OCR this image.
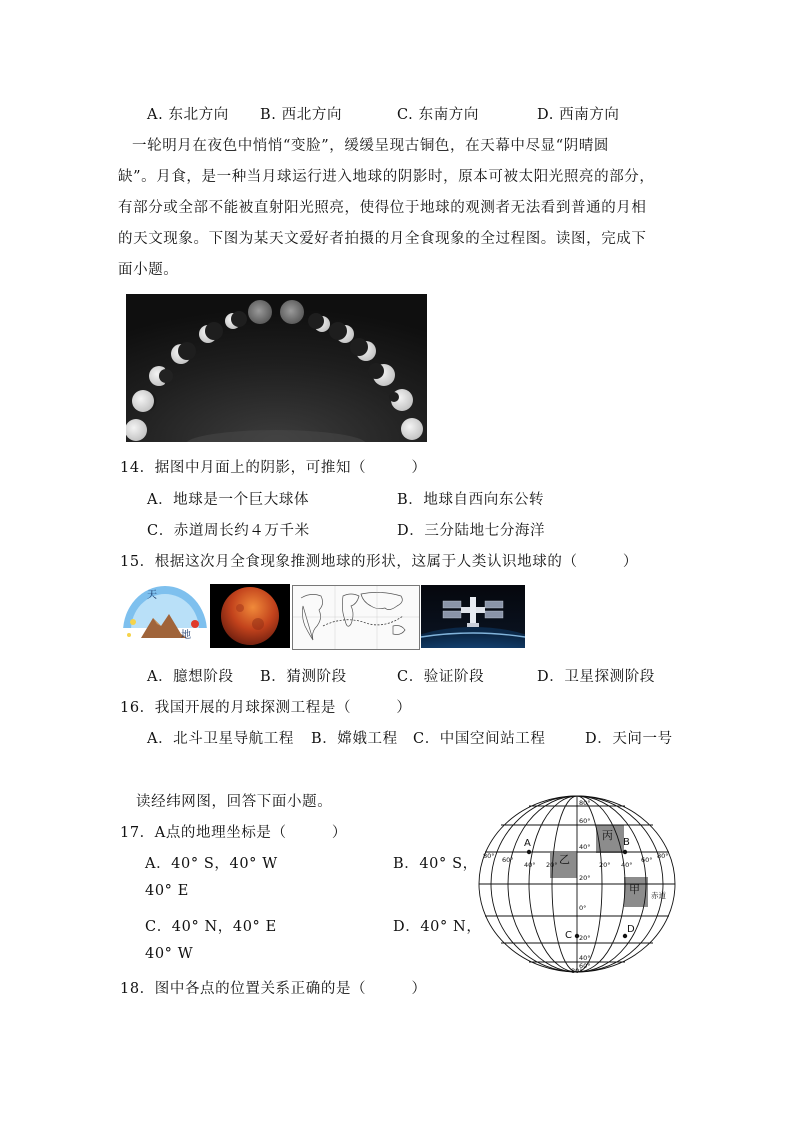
A. 东北方向 B. 西北方向	C. 东南方向	D. 西南方向
一轮明月在夜色中悄悄“变脸”，缓缓呈现古铜色，在天幕中尽显“阴晴圆
缺”。月食，是一种当月球运行进入地球的阴影时，原本可被太阳光照亮的部分，
有部分或全部不能被直射阳光照亮，使得位于地球的观测者无法看到普通的月相
的天文现象。下图为某天文爱好者拍摄的月全食现象的全过程图。读图，完成下
面小题。
14．据图中月面上的阴影，可推知（　　　）
A．地球是一个巨大球体	B．地球自西向东公转
C．赤道周长约４万千米	D．三分陆地七分海洋
15．根据这次月全食现象推测地球的形状，这属于人类认识地球的（　　　）
天
地
A．臆想阶段 B．猜测阶段	C．验证阶段	D．卫星探测阶段
16．我国开展的月球探测工程是（　　　）
A．北斗卫星导航工程 B．嫦娥工程 C．中国空间站工程	D．天问一号
读经纬网图，回答下面小题。
17．A点的地理坐标是（　　　）
A．40° S，40° W	B．40° S，
40° E
C．40° N，40° E	D．40° N，
40° W
18．图中各点的位置关系正确的是（　　　）
80°
60°
40°
20°
0°
20°
40°
60°
80°
80° 60°
40° 20°	20° 40°
60° 80°
A	B
C
D
乙
丙
甲 赤道
